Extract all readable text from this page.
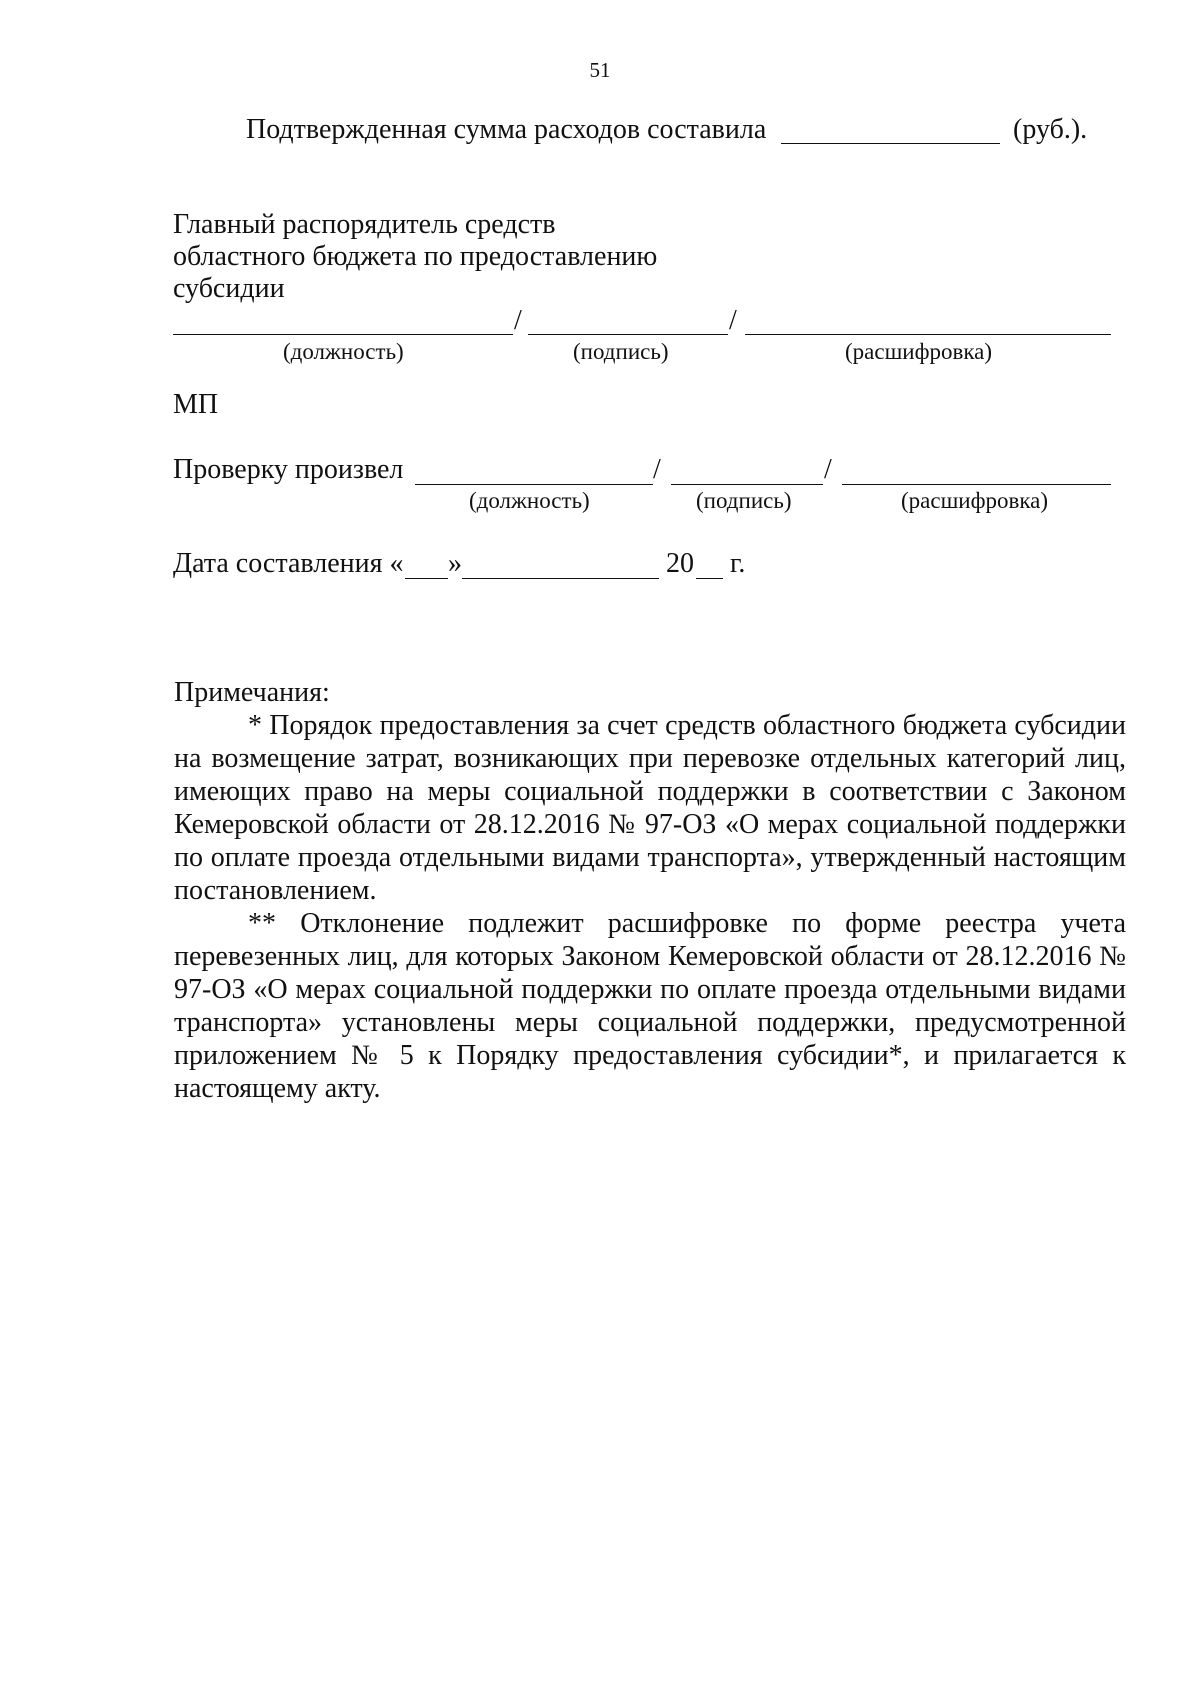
51
Подтвержденная сумма расходов составила	(руб.).
Главный распорядитель средств
областного бюджета по предоставлению
субсидии
/	/
(должность)	(подпись)	(расшифровка)
МП
Проверку произвел	/	/
(должность)	(подпись)	(расшифровка)
Дата составления « »	20 г.

Примечания:

* Порядок предоставления за счет средств областного бюджета субсидии на возмещение затрат, возникающих при перевозке отдельных категорий лиц, имеющих право на меры социальной поддержки в соответствии с Законом Кемеровской области от 28.12.2016 № 97-ОЗ «О мерах социальной поддержки по оплате проезда отдельными видами транспорта», утвержденный настоящим постановлением.

** Отклонение подлежит расшифровке по форме реестра учета перевезенных лиц, для которых Законом Кемеровской области от 28.12.2016 № 97-ОЗ «О мерах социальной поддержки по оплате проезда отдельными видами транспорта» установлены меры социальной поддержки, предусмотренной приложением № 5 к Порядку предоставления субсидии*, и прилагается к настоящему акту.
